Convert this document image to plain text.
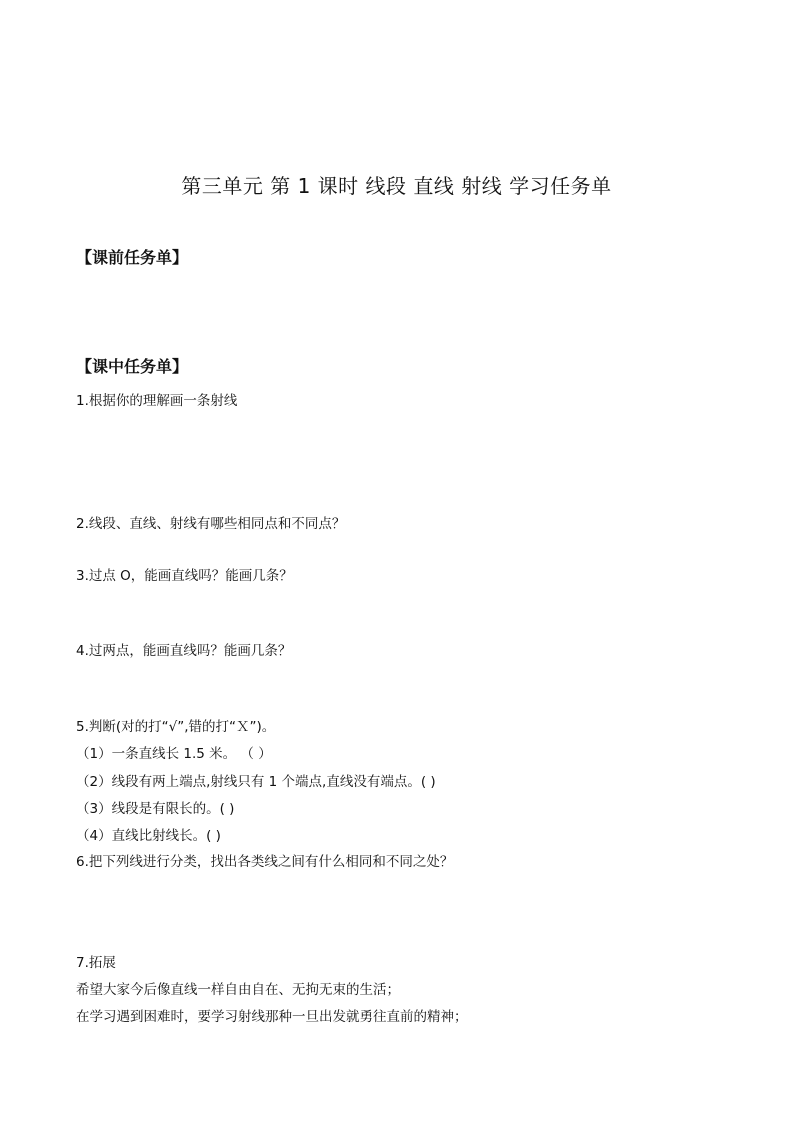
第三单元 第 1 课时 线段 直线 射线 学习任务单
【课前任务单】
【课中任务单】
1.根据你的理解画一条射线
2.线段、直线、射线有哪些相同点和不同点？
3.过点 O，能画直线吗？能画几条？
4.过两点，能画直线吗？能画几条？
5.判断(对的打“√”,错的打“Ｘ”)。
（1）一条直线长 1.5 米。 （ ）
（2）线段有两上端点,射线只有 1 个端点,直线没有端点。( )
（3）线段是有限长的。( )
（4）直线比射线长。( )
6.把下列线进行分类，找出各类线之间有什么相同和不同之处？
7.拓展
希望大家今后像直线一样自由自在、无拘无束的生活；
在学习遇到困难时，要学习射线那种一旦出发就勇往直前的精神；
